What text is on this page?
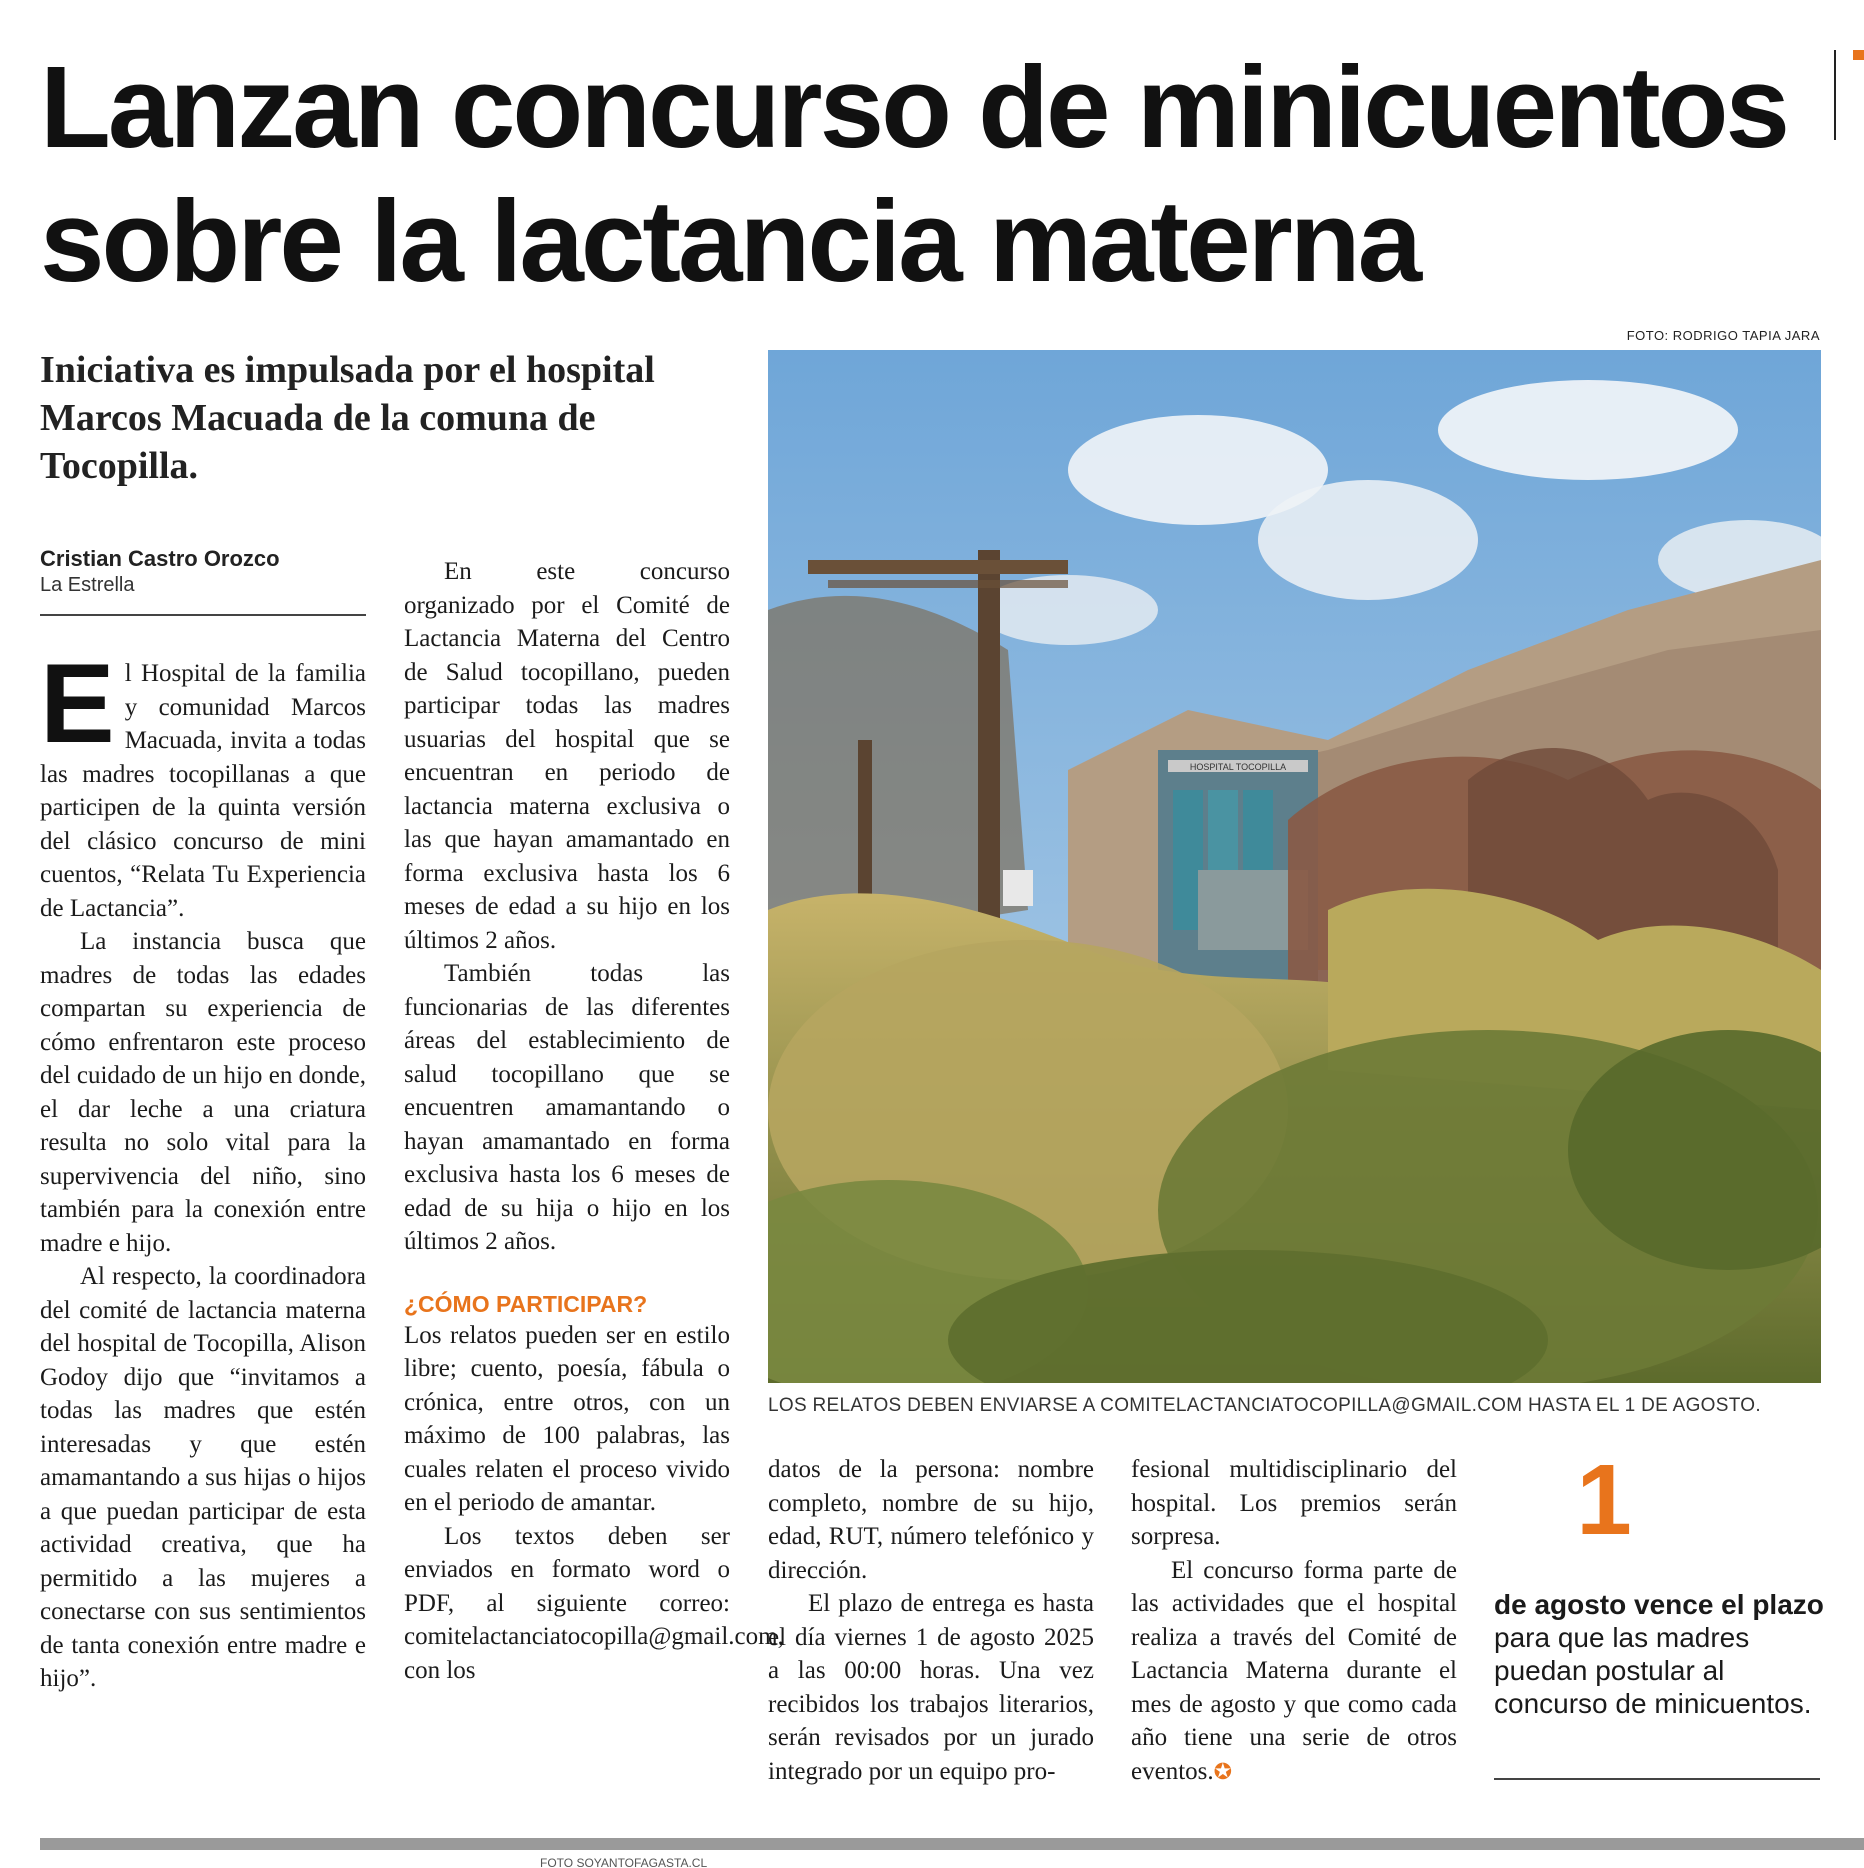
Lanzan concurso de minicuentos
sobre la lactancia materna
Iniciativa es impulsada por el hospital Marcos Macuada de la comuna de Tocopilla.
Cristian Castro Orozco
La Estrella
E l Hospital de la familia y comunidad Marcos Macuada, invita a todas las madres tocopillanas a que participen de la quinta versión del clásico concurso de mini cuentos, “Relata Tu Experiencia de Lactancia”.

La instancia busca que madres de todas las edades compartan su experiencia de cómo enfrentaron este proceso del cuidado de un hijo en donde, el dar leche a una criatura resulta no solo vital para la supervivencia del niño, sino también para la conexión entre madre e hijo.

Al respecto, la coordinadora del comité de lactancia materna del hospital de Tocopilla, Alison Godoy dijo que “invitamos a todas las madres que estén interesadas y que estén amamantando a sus hijas o hijos a que puedan participar de esta actividad creativa, que ha permitido a las mujeres a conectarse con sus sentimientos de tanta conexión entre madre e hijo”.

En este concurso organizado por el Comité de Lactancia Materna del Centro de Salud tocopillano, pueden participar todas las madres usuarias del hospital que se encuentran en periodo de lactancia materna exclusiva o las que hayan amamantado en forma exclusiva hasta los 6 meses de edad a su hijo en los últimos 2 años.

También todas las funcionarias de las diferentes áreas del establecimiento de salud tocopillano que se encuentren amamantando o hayan amamantado en forma exclusiva hasta los 6 meses de edad de su hija o hijo en los últimos 2 años.

¿CÓMO PARTICIPAR?

Los relatos pueden ser en estilo libre; cuento, poesía, fábula o crónica, entre otros, con un máximo de 100 palabras, las cuales relaten el proceso vivido en el periodo de amantar.

Los textos deben ser enviados en formato word o PDF, al siguiente correo: comitelactanciatocopilla@gmail.com, con los

FOTO: RODRIGO TAPIA JARA
HOSPITAL TOCOPILLA
LOS RELATOS DEBEN ENVIARSE A COMITELACTANCIATOCOPILLA@GMAIL.COM HASTA EL 1 DE AGOSTO.

datos de la persona: nombre completo, nombre de su hijo, edad, RUT, número telefónico y dirección.

El plazo de entrega es hasta el día viernes 1 de agosto 2025 a las 00:00 horas. Una vez recibidos los trabajos literarios, serán revisados por un jurado integrado por un equipo pro-

fesional multidisciplinario del hospital. Los premios serán sorpresa.

El concurso forma parte de las actividades que el hospital realiza a través del Comité de Lactancia Materna durante el mes de agosto y que como cada año tiene una serie de otros eventos.✪

1
de agosto vence el plazo para que las madres puedan postular al concurso de minicuentos.
FOTO SOYANTOFAGASTA.CL
